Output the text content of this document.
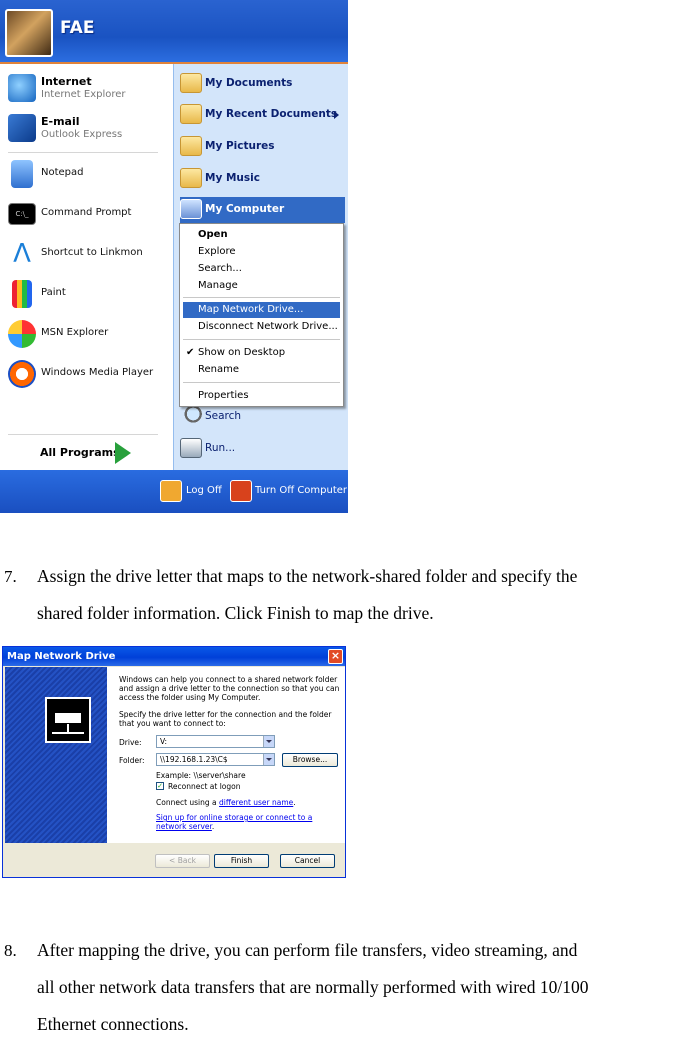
FAE
Internet
Internet Explorer
E-mail
Outlook Express
Notepad
C:\_	Command Prompt
Λ	Shortcut to Linkmon
Paint
MSN Explorer
Windows Media Player
All Programs
My Documents
My Recent Documents
My Pictures
My Music
My Computer
Search
Run...
Open
Explore
Search...
Manage
Map Network Drive...
Disconnect Network Drive...
✔ Show on Desktop
Rename
Properties
Log Off	Turn Off Computer
7. Assign the drive letter that maps to the network-shared folder and specify the
shared folder information. Click Finish to map the drive.
Map Network Drive	×
Windows can help you connect to a shared network folder
and assign a drive letter to the connection so that you can
access the folder using My Computer.
Specify the drive letter for the connection and the folder
that you want to connect to:
Drive:	V:
Folder:	\\192.168.1.23\C$	Browse...
Example: \\server\share
✓ Reconnect at logon
Connect using a different user name.
Sign up for online storage or connect to a
network server.
< Back	Finish	Cancel
8. After mapping the drive, you can perform file transfers, video streaming, and
all other network data transfers that are normally performed with wired 10/100
Ethernet connections.
